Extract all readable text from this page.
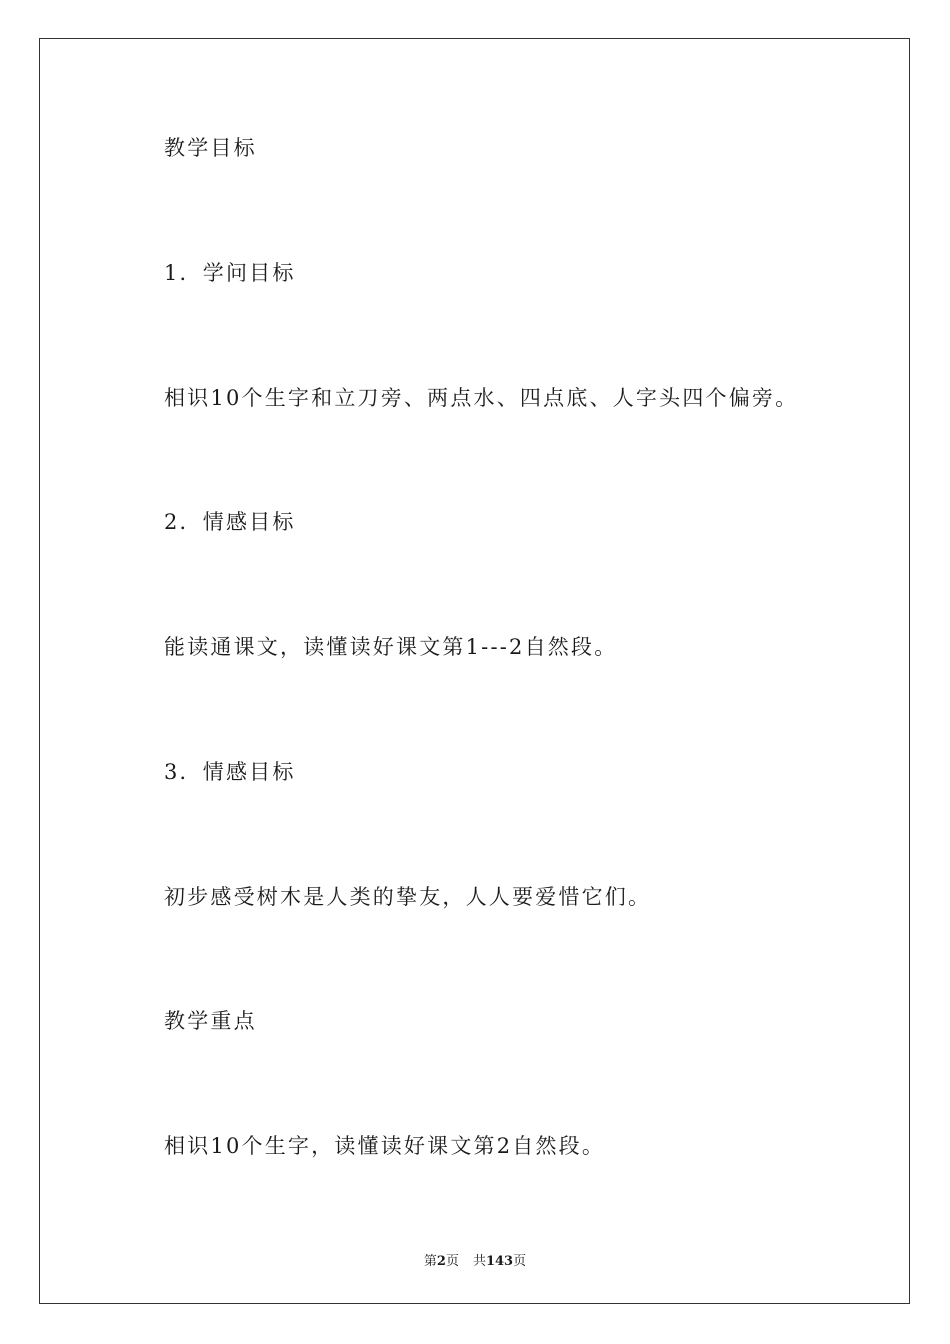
教学目标
1．学问目标
相识10个生字和立刀旁、两点水、四点底、人字头四个偏旁。
2．情感目标
能读通课文，读懂读好课文第1---2自然段。
3．情感目标
初步感受树木是人类的挚友，人人要爱惜它们。
教学重点
相识10个生字，读懂读好课文第2自然段。
第2页 共143页
